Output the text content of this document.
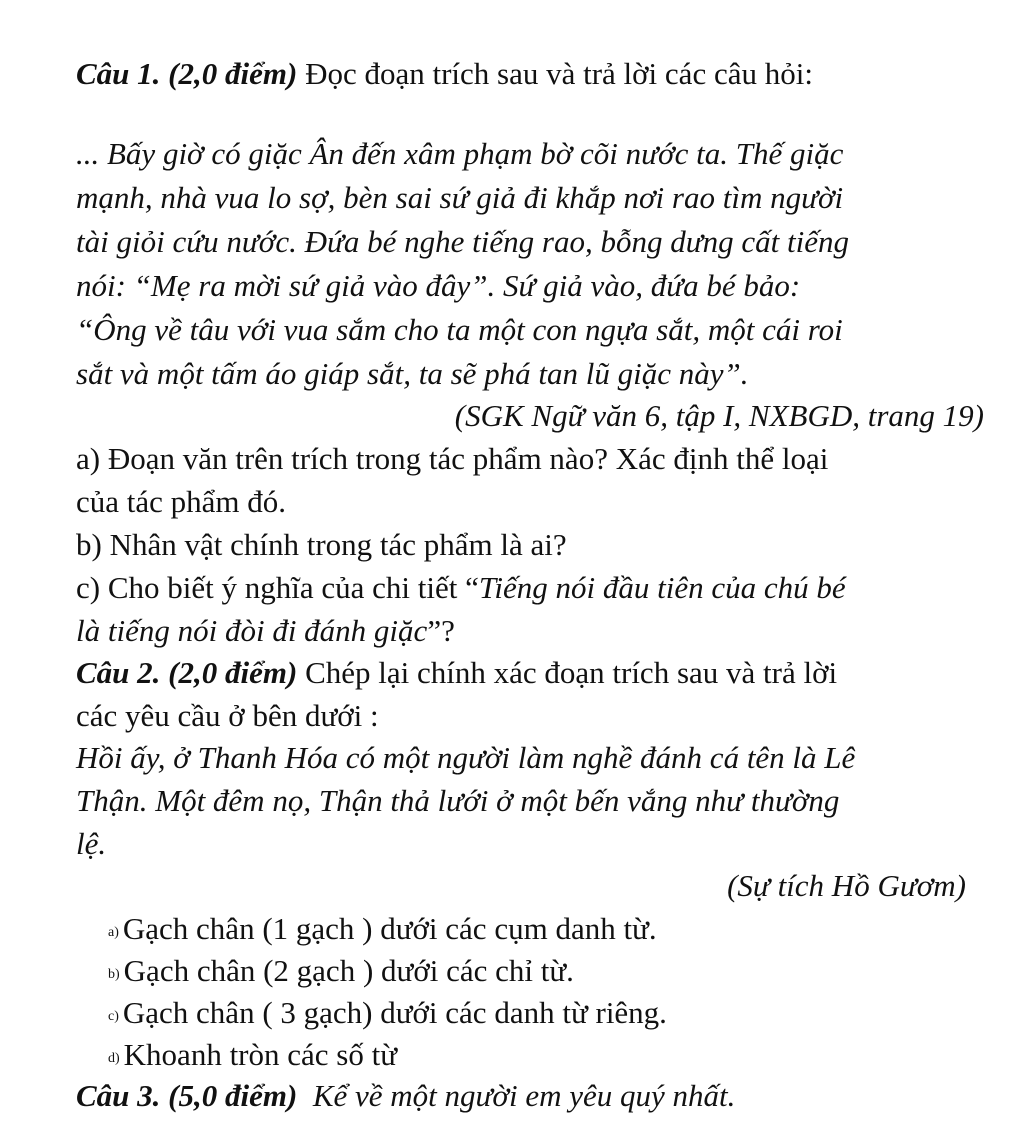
Câu 1. (2,0 điểm) Đọc đoạn trích sau và trả lời các câu hỏi:
... Bấy giờ có giặc Ân đến xâm phạm bờ cõi nước ta. Thế giặc
mạnh, nhà vua lo sợ, bèn sai sứ giả đi khắp nơi rao tìm người
tài giỏi cứu nước. Đứa bé nghe tiếng rao, bỗng dưng cất tiếng
nói: “Mẹ ra mời sứ giả vào đây”. Sứ giả vào, đứa bé bảo:
“Ông về tâu với vua sắm cho ta một con ngựa sắt, một cái roi
sắt và một tấm áo giáp sắt, ta sẽ phá tan lũ giặc này”.
(SGK Ngữ văn 6, tập I, NXBGD, trang 19)
a) Đoạn văn trên trích trong tác phẩm nào? Xác định thể loại
của tác phẩm đó.
b) Nhân vật chính trong tác phẩm là ai?
c) Cho biết ý nghĩa của chi tiết “Tiếng nói đầu tiên của chú bé
là tiếng nói đòi đi đánh giặc”?
Câu 2. (2,0 điểm) Chép lại chính xác đoạn trích sau và trả lời
các yêu cầu ở bên dưới :
Hồi ấy, ở Thanh Hóa có một người làm nghề đánh cá tên là Lê
Thận. Một đêm nọ, Thận thả lưới ở một bến vắng như thường
lệ.
(Sự tích Hồ Gươm)
a) Gạch chân (1 gạch ) dưới các cụm danh từ.
b) Gạch chân (2 gạch ) dưới các chỉ từ.
c) Gạch chân ( 3 gạch) dưới các danh từ riêng.
d) Khoanh tròn các số từ
Câu 3. (5,0 điểm)  Kể về một người em yêu quý nhất.
